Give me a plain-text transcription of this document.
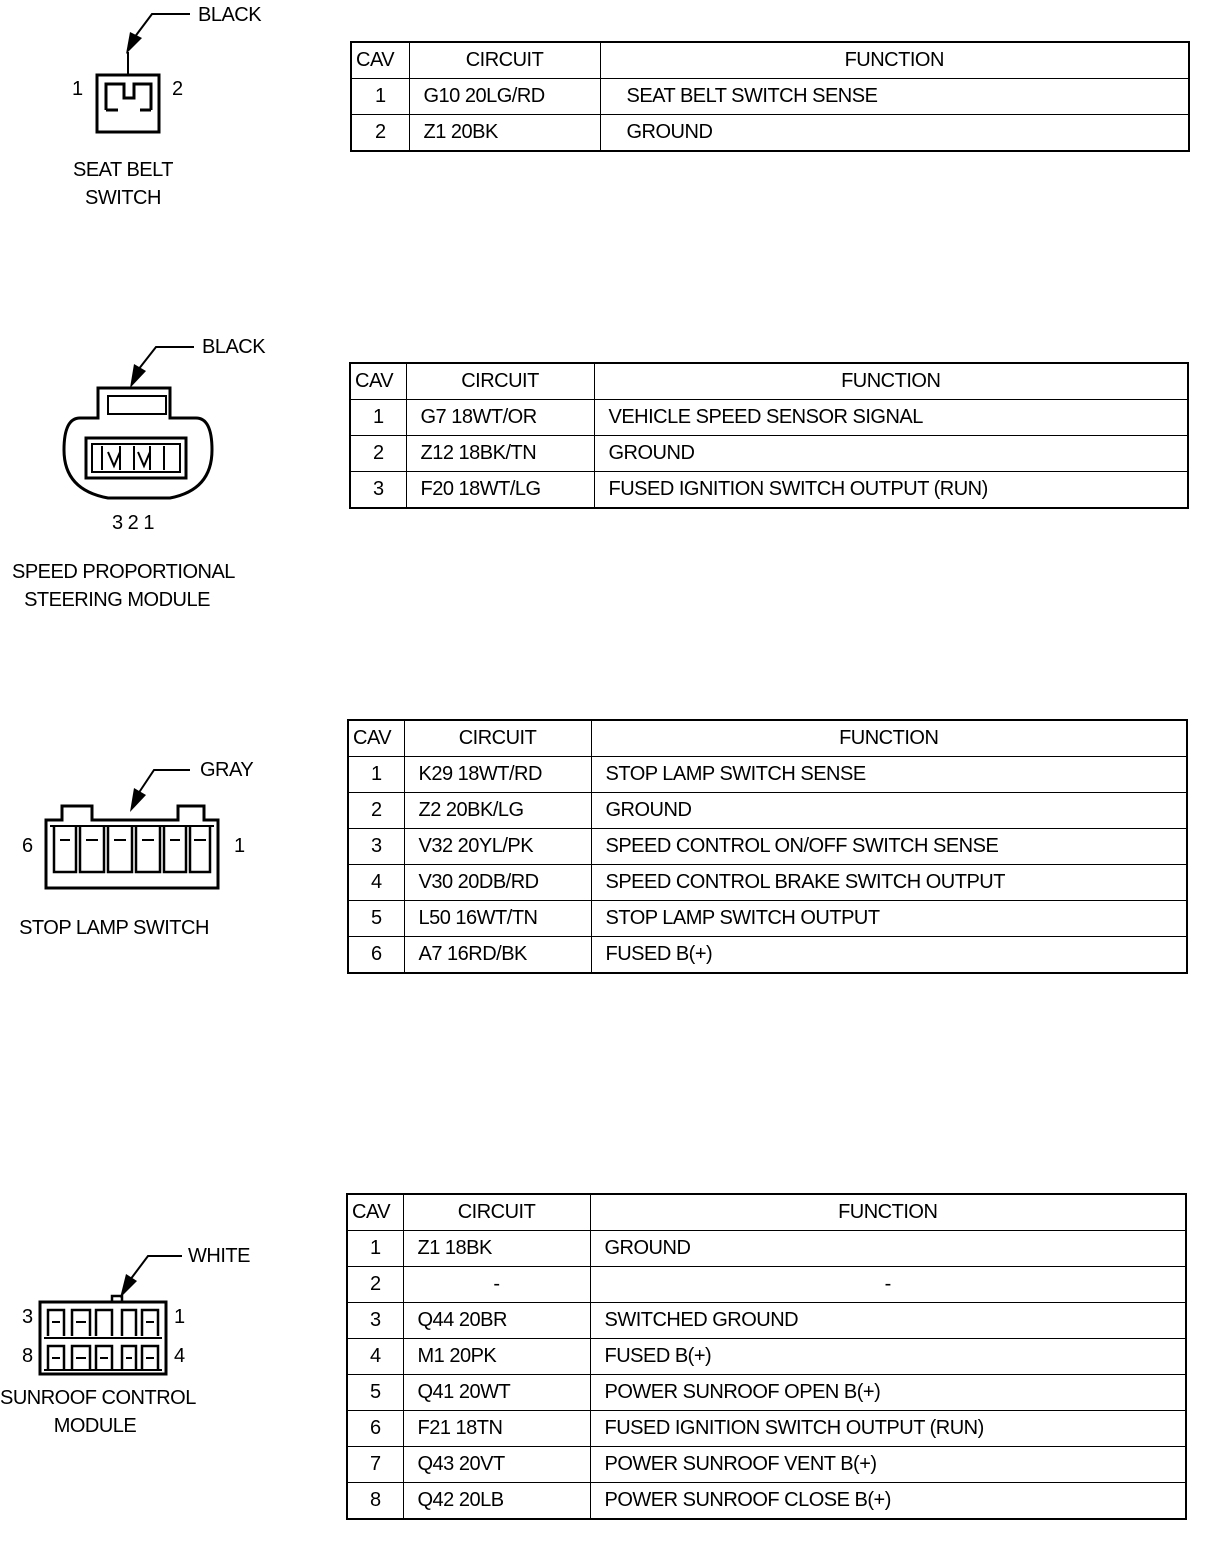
BLACK
1	2
SEAT BELT
SWITCH
CAV	CIRCUIT	FUNCTION
1	G10 20LG/RD	SEAT BELT SWITCH SENSE
2	Z1 20BK	GROUND
BLACK
3 2 1
SPEED PROPORTIONAL
STEERING MODULE
CAV	CIRCUIT	FUNCTION
1	G7 18WT/OR	VEHICLE SPEED SENSOR SIGNAL
2	Z12 18BK/TN	GROUND
3	F20 18WT/LG	FUSED IGNITION SWITCH OUTPUT (RUN)
GRAY
6	1
STOP LAMP SWITCH
CAV	CIRCUIT	FUNCTION
1	K29 18WT/RD	STOP LAMP SWITCH SENSE
2	Z2 20BK/LG	GROUND
3	V32 20YL/PK	SPEED CONTROL ON/OFF SWITCH SENSE
4	V30 20DB/RD	SPEED CONTROL BRAKE SWITCH OUTPUT
5	L50 16WT/TN	STOP LAMP SWITCH OUTPUT
6	A7 16RD/BK	FUSED B(+)
WHITE
3	1
8	4
SUNROOF CONTROL
MODULE
CAV	CIRCUIT	FUNCTION
1	Z1 18BK	GROUND
2	-	-
3	Q44 20BR	SWITCHED GROUND
4	M1 20PK	FUSED B(+)
5	Q41 20WT	POWER SUNROOF OPEN B(+)
6	F21 18TN	FUSED IGNITION SWITCH OUTPUT (RUN)
7	Q43 20VT	POWER SUNROOF VENT B(+)
8	Q42 20LB	POWER SUNROOF CLOSE B(+)
